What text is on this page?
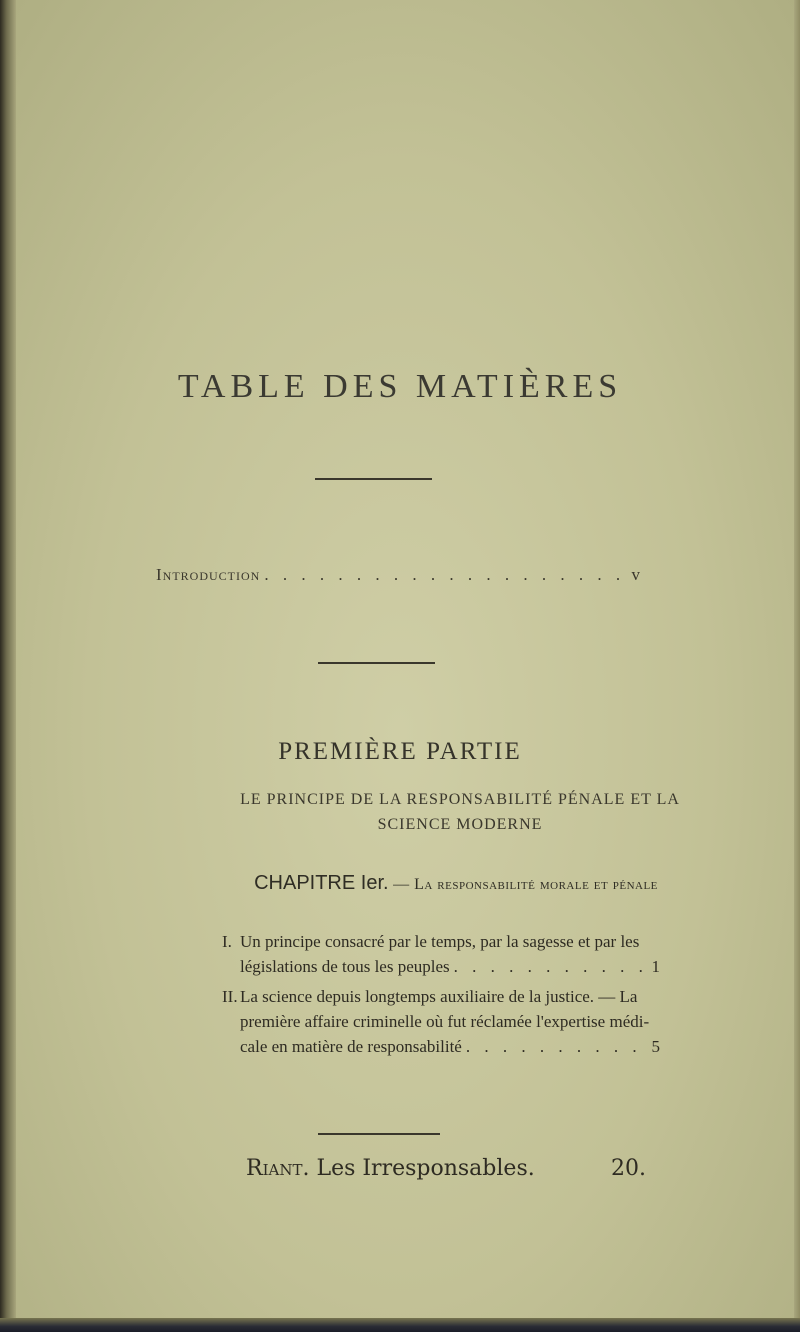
TABLE DES MATIÈRES
Introduction . . .	v
PREMIÈRE PARTIE
LE PRINCIPE DE LA RESPONSABILITÉ PÉNALE ET LA
SCIENCE MODERNE
CHAPITRE Ier. — La responsabilité morale et pénale
I. Un principe consacré par le temps, par la sagesse et par les
législations de tous les peuples . . .	1
II. La science depuis longtemps auxiliaire de la justice. — La
première affaire criminelle où fut réclamée l'expertise médi-
cale en matière de responsabilité . . .	5
Riant. Les Irresponsables.	20.
